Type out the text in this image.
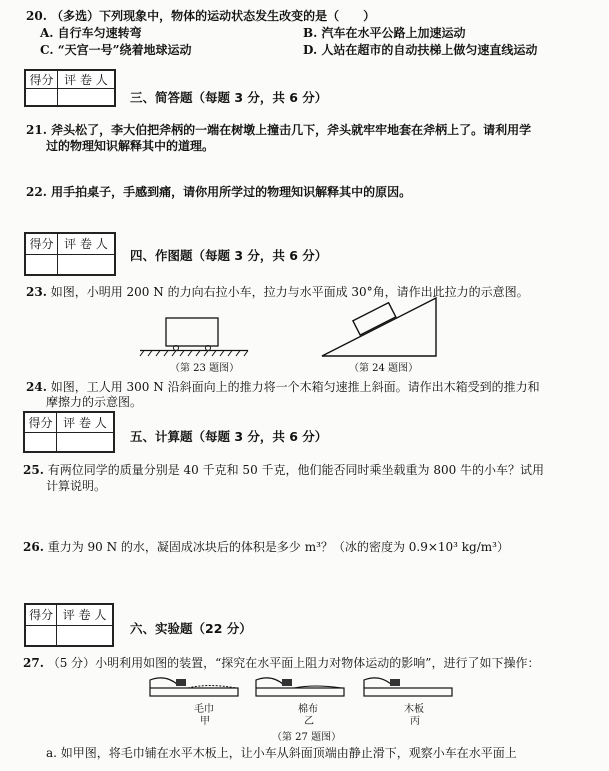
20. （多选）下列现象中，物体的运动状态发生改变的是（　　）
A. 自行车匀速转弯	B. 汽车在水平公路上加速运动
C. “天宫一号”绕着地球运动	D. 人站在超市的自动扶梯上做匀速直线运动
得分	评 卷 人

三、简答题（每题 3 分，共 6 分）
21. 斧头松了，李大伯把斧柄的一端在树墩上撞击几下，斧头就牢牢地套在斧柄上了。请利用学
过的物理知识解释其中的道理。
22. 用手拍桌子，手感到痛，请你用所学过的物理知识解释其中的原因。
得分	评 卷 人

四、作图题（每题 3 分，共 6 分）
23. 如图，小明用 200 N 的力向右拉小车，拉力与水平面成 30°角，请作出此拉力的示意图。
（第 23 题图）	（第 24 题图）
24. 如图，工人用 300 N 沿斜面向上的推力将一个木箱匀速推上斜面。请作出木箱受到的推力和
摩擦力的示意图。
得分	评 卷 人

五、计算题（每题 3 分，共 6 分）
25. 有两位同学的质量分别是 40 千克和 50 千克，他们能否同时乘坐载重为 800 牛的小车？试用
计算说明。
26. 重力为 90 N 的水，凝固成冰块后的体积是多少 m³？（冰的密度为 0.9×10³ kg/m³）
得分	评 卷 人

六、实验题（22 分）
27. （5 分）小明利用如图的装置，“探究在水平面上阻力对物体运动的影响”，进行了如下操作：
毛巾
甲
棉布
乙
木板
丙
（第 27 题图）
a. 如甲图，将毛巾铺在水平木板上，让小车从斜面顶端由静止滑下，观察小车在水平面上
